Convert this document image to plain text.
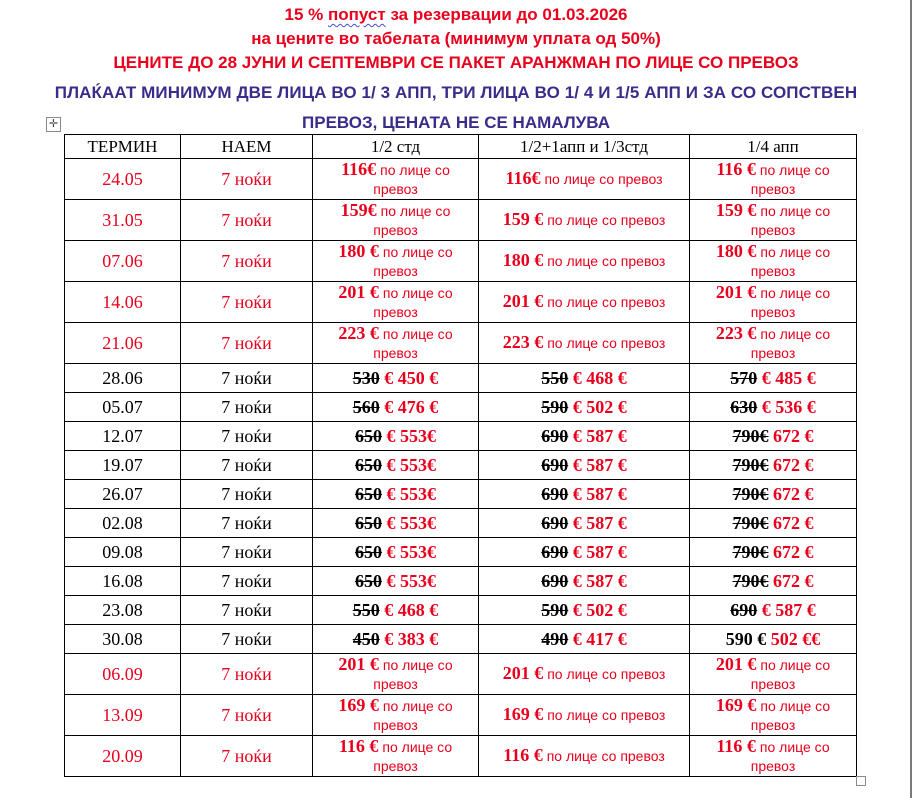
15 % попуст за резервации до 01.03.2026
на цените во табелата (минимум уплата од 50%)
ЦЕНИТЕ ДО 28 ЈУНИ И СЕПТЕМВРИ СЕ ПАКЕТ АРАНЖМАН ПО ЛИЦЕ СО ПРЕВОЗ
ПЛАЌААТ МИНИМУМ ДВЕ ЛИЦА ВО 1/ 3 АПП, ТРИ ЛИЦА ВО 1/ 4 И 1/5 АПП И ЗА СО СОПСТВЕН
ПРЕВОЗ, ЦЕНАТА НЕ СЕ НАМАЛУВА
✛
ТЕРМИН	НАЕМ	1/2 стд	1/2+1апп и 1/3стд	1/4 апп
24.05	7 ноќи	116€ по лице со превоз	116€ по лице со превоз	116 € по лице со превоз

31.05	7 ноќи	159€ по лице со превоз	159 € по лице со превоз	159 € по лице со превоз

07.06	7 ноќи	180 € по лице со превоз	180 € по лице со превоз	180 € по лице со превоз

14.06	7 ноќи	201 € по лице со превоз	201 € по лице со превоз	201 € по лице со превоз

21.06	7 ноќи	223 € по лице со превоз	223 € по лице со превоз	223 € по лице со превоз

28.06	7 ноќи	530 € 450 €	550 € 468 €	570 € 485 €
05.07	7 ноќи	560 € 476 €	590 € 502 €	630 € 536 €
12.07	7 ноќи	650 € 553€	690 € 587 €	790€ 672 €
19.07	7 ноќи	650 € 553€	690 € 587 €	790€ 672 €
26.07	7 ноќи	650 € 553€	690 € 587 €	790€ 672 €
02.08	7 ноќи	650 € 553€	690 € 587 €	790€ 672 €
09.08	7 ноќи	650 € 553€	690 € 587 €	790€ 672 €
16.08	7 ноќи	650 € 553€	690 € 587 €	790€ 672 €
23.08	7 ноќи	550 € 468 €	590 € 502 €	690 € 587 €
30.08	7 ноќи	450 € 383 €	490 € 417 €	590 € 502 €€
06.09	7 ноќи	201 € по лице со превоз	201 € по лице со превоз	201 € по лице со превоз

13.09	7 ноќи	169 € по лице со превоз	169 € по лице со превоз	169 € по лице со превоз

20.09	7 ноќи	116 € по лице со превоз	116 € по лице со превоз	116 € по лице со превоз
